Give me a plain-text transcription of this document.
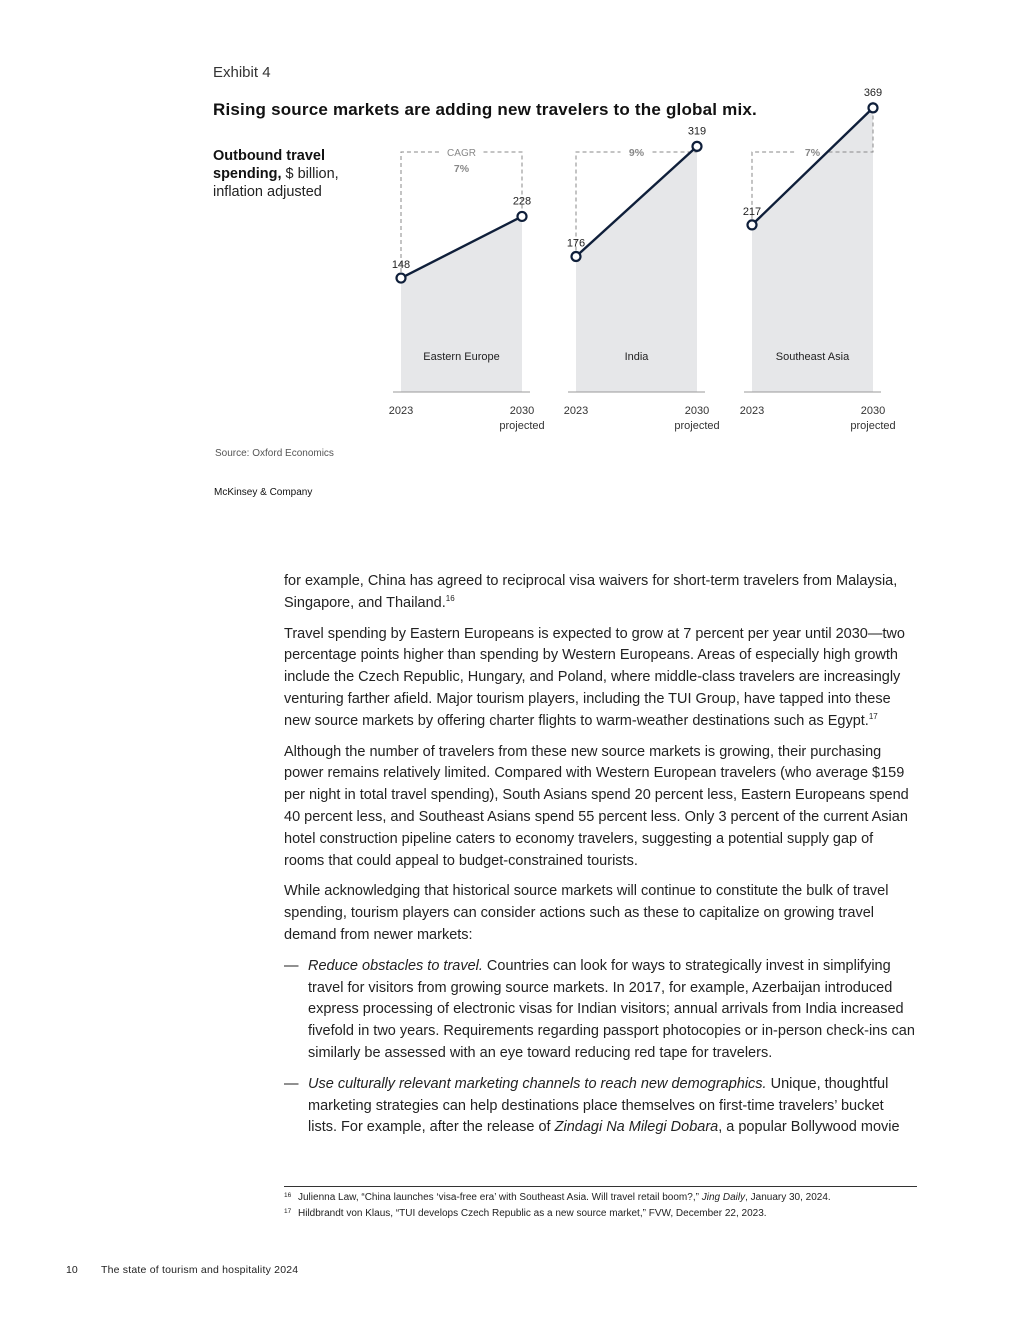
Exhibit 4
Rising source markets are adding new travelers to the global mix.
Outbound travel spending, $ billion, inflation adjusted
CAGR
7%
148
228
Eastern Europe
2023	2030
projected
9%
176
319
India
2023	2030
projected
7%
217
369
Southeast Asia
2023	2030
projected
Source: Oxford Economics
McKinsey & Company

for example, China has agreed to reciprocal visa waivers for short-term travelers from Malaysia, Singapore, and Thailand.$^{16}$

Travel spending by Eastern Europeans is expected to grow at 7 percent per year until 2030—two percentage points higher than spending by Western Europeans. Areas of especially high growth include the Czech Republic, Hungary, and Poland, where middle-class travelers are increasingly venturing farther afield. Major tourism players, including the TUI Group, have tapped into these new source markets by offering charter flights to warm-weather destinations such as Egypt.$^{17}$

Although the number of travelers from these new source markets is growing, their purchasing power remains relatively limited. Compared with Western European travelers (who average $159 per night in total travel spending), South Asians spend 20 percent less, Eastern Europeans spend 40 percent less, and Southeast Asians spend 55 percent less. Only 3 percent of the current Asian hotel construction pipeline caters to economy travelers, suggesting a potential supply gap of rooms that could appeal to budget-constrained tourists.

While acknowledging that historical source markets will continue to constitute the bulk of travel spending, tourism players can consider actions such as these to capitalize on growing travel demand from newer markets:

— Reduce obstacles to travel. Countries can look for ways to strategically invest in simplifying travel for visitors from growing source markets. In 2017, for example, Azerbaijan introduced express processing of electronic visas for Indian visitors; annual arrivals from India increased fivefold in two years. Requirements regarding passport photocopies or in-person check-ins can similarly be assessed with an eye toward reducing red tape for travelers.
— Use culturally relevant marketing channels to reach new demographics. Unique, thoughtful marketing strategies can help destinations place themselves on first-time travelers’ bucket lists. For example, after the release of Zindagi Na Milegi Dobara, a popular Bollywood movie
16 Julienna Law, “China launches ‘visa-free era’ with Southeast Asia. Will travel retail boom?,” Jing Daily, January 30, 2024.
17 Hildbrandt von Klaus, “TUI develops Czech Republic as a new source market,” FVW, December 22, 2023.
10 The state of tourism and hospitality 2024
